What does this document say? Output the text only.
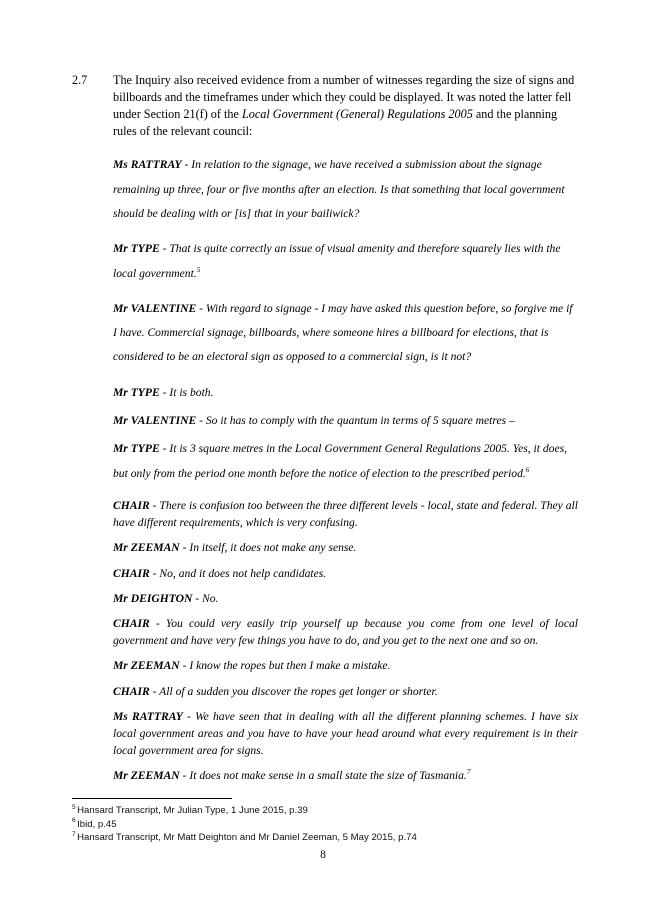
2.7 The Inquiry also received evidence from a number of witnesses regarding the size of signs and billboards and the timeframes under which they could be displayed. It was noted the latter fell under Section 21(f) of the Local Government (General) Regulations 2005 and the planning rules of the relevant council:

Ms RATTRAY - In relation to the signage, we have received a submission about the signage remaining up three, four or five months after an election. Is that something that local government should be dealing with or [is] that in your bailiwick?

Mr TYPE - That is quite correctly an issue of visual amenity and therefore squarely lies with the local government.$^5$

Mr VALENTINE - With regard to signage - I may have asked this question before, so forgive me if I have. Commercial signage, billboards, where someone hires a billboard for elections, that is considered to be an electoral sign as opposed to a commercial sign, is it not?

Mr TYPE - It is both.

Mr VALENTINE - So it has to comply with the quantum in terms of 5 square metres –

Mr TYPE - It is 3 square metres in the Local Government General Regulations 2005. Yes, it does, but only from the period one month before the notice of election to the prescribed period.$^6$

CHAIR - There is confusion too between the three different levels - local, state and federal. They all have different requirements, which is very confusing.

Mr ZEEMAN - In itself, it does not make any sense.

CHAIR - No, and it does not help candidates.

Mr DEIGHTON - No.

CHAIR - You could very easily trip yourself up because you come from one level of local government and have very few things you have to do, and you get to the next one and so on.

Mr ZEEMAN - I know the ropes but then I make a mistake.

CHAIR - All of a sudden you discover the ropes get longer or shorter.

Ms RATTRAY - We have seen that in dealing with all the different planning schemes. I have six local government areas and you have to have your head around what every requirement is in their local government area for signs.

Mr ZEEMAN - It does not make sense in a small state the size of Tasmania.$^7$

$^5$ Hansard Transcript, Mr Julian Type, 1 June 2015, p.39
$^6$ Ibid, p.45
$^7$ Hansard Transcript, Mr Matt Deighton and Mr Daniel Zeeman, 5 May 2015, p.74
8
